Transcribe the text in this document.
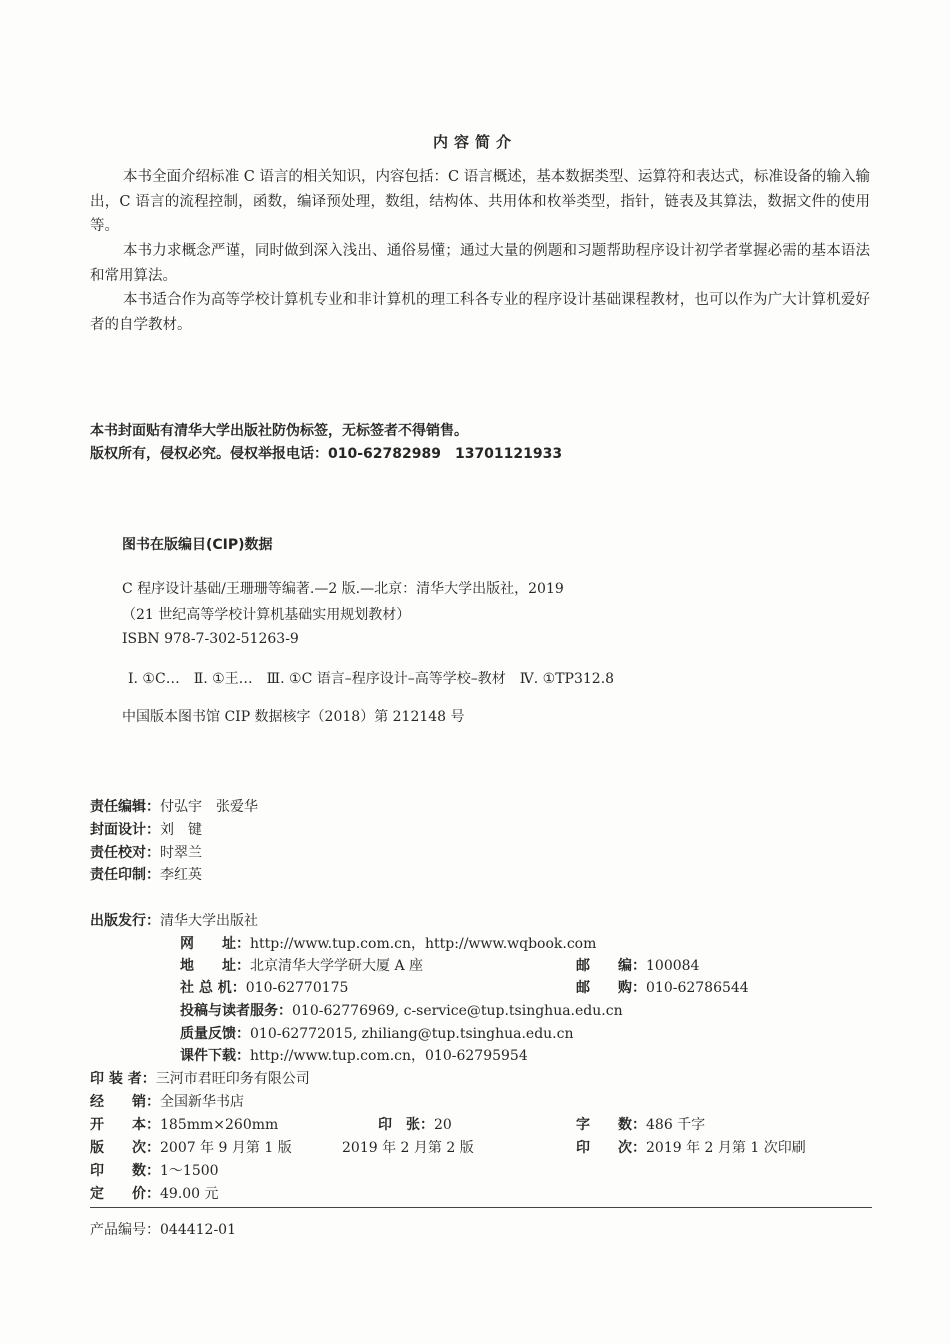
内容简介

本书全面介绍标准 C 语言的相关知识，内容包括：C 语言概述，基本数据类型、运算符和表达式，标准设备的输入输出，C 语言的流程控制，函数，编译预处理，数组，结构体、共用体和枚举类型，指针，链表及其算法，数据文件的使用等。

本书力求概念严谨，同时做到深入浅出、通俗易懂；通过大量的例题和习题帮助程序设计初学者掌握必需的基本语法和常用算法。

本书适合作为高等学校计算机专业和非计算机的理工科各专业的程序设计基础课程教材，也可以作为广大计算机爱好者的自学教材。

本书封面贴有清华大学出版社防伪标签，无标签者不得销售。
版权所有，侵权必究。侵权举报电话：010-62782989　13701121933
图书在版编目(CIP)数据
C 程序设计基础/王珊珊等编著.—2 版.—北京：清华大学出版社，2019
（21 世纪高等学校计算机基础实用规划教材）
ISBN 978-7-302-51263-9
Ⅰ. ①C…　Ⅱ. ①王…　Ⅲ. ①C 语言–程序设计–高等学校–教材　Ⅳ. ①TP312.8
中国版本图书馆 CIP 数据核字（2018）第 212148 号
责任编辑：付弘宇　张爱华
封面设计：刘　键
责任校对：时翠兰
责任印制：李红英
出版发行：清华大学出版社
网　　址：http://www.tup.com.cn，http://www.wqbook.com
地　　址：北京清华大学学研大厦 A 座	邮　　编：100084
社 总 机：010-62770175	邮　　购：010-62786544
投稿与读者服务：010-62776969, c-service@tup.tsinghua.edu.cn
质量反馈：010-62772015, zhiliang@tup.tsinghua.edu.cn
课件下载：http://www.tup.com.cn，010-62795954
印 装 者：三河市君旺印务有限公司
经　　销：全国新华书店
开　　本：185mm×260mm	印　张：20	字　　数：486 千字
版　　次：2007 年 9 月第 1 版	2019 年 2 月第 2 版	印　　次：2019 年 2 月第 1 次印刷
印　　数：1～1500
定　　价：49.00 元
产品编号：044412-01
